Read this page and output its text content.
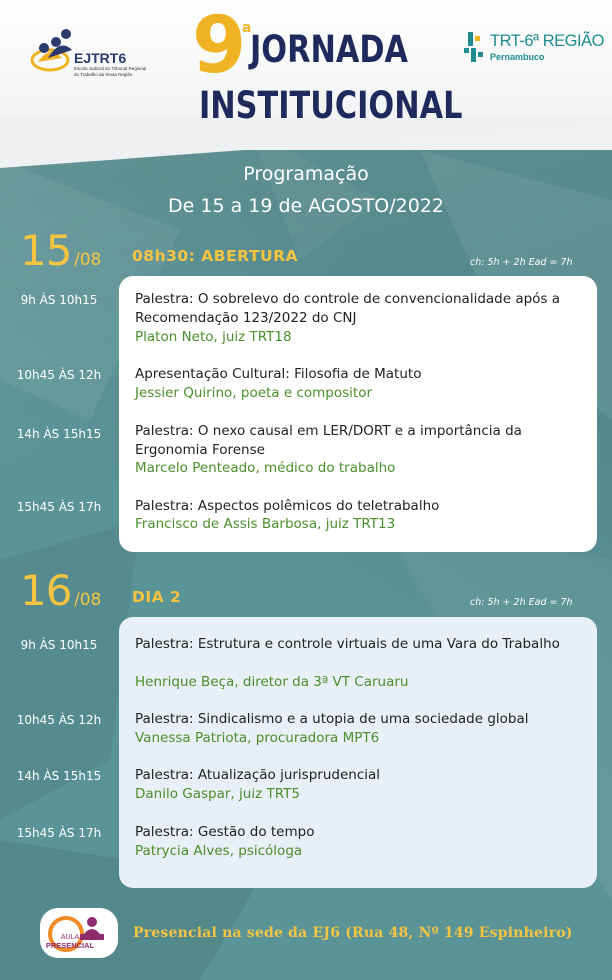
EJTRT6
Escola Judicial do Tribunal Regional do Trabalho da Sexta Região 9
a
JORNADA
INSTITUCIONAL
TRT-6ª REGIÃO
Pernambuco
Programação
De 15 a 19 de AGOSTO/2022
15 /08 08h30: ABERTURA	ch: 5h + 2h Ead = 7h
9h ÀS 10h15	Palestra: O sobrelevo do controle de convencionalidade após a Recomendação 123/2022 do CNJ
Platon Neto, juiz TRT18
10h45 ÀS 12h	Apresentação Cultural: Filosofia de Matuto
Jessier Quirino, poeta e compositor
14h ÀS 15h15	Palestra: O nexo causal em LER/DORT e a importância da Ergonomia Forense
Marcelo Penteado, médico do trabalho
15h45 ÀS 17h	Palestra: Aspectos polêmicos do teletrabalho
Francisco de Assis Barbosa, juiz TRT13
16 /08 DIA 2	ch: 5h + 2h Ead = 7h
9h ÀS 10h15	Palestra: Estrutura e controle virtuais de uma Vara do Trabalho
Henrique Beça, diretor da 3ª VT Caruaru
10h45 ÀS 12h	Palestra: Sindicalismo e a utopia de uma sociedade global
Vanessa Patriota, procuradora MPT6
14h ÀS 15h15	Palestra: Atualização jurisprudencial
Danilo Gaspar, juiz TRT5
15h45 ÀS 17h	Palestra: Gestão do tempo
Patrycia Alves, psicóloga
AULA
PRESENCIAL
Presencial na sede da EJ6 (Rua 48, Nº 149 Espinheiro)
